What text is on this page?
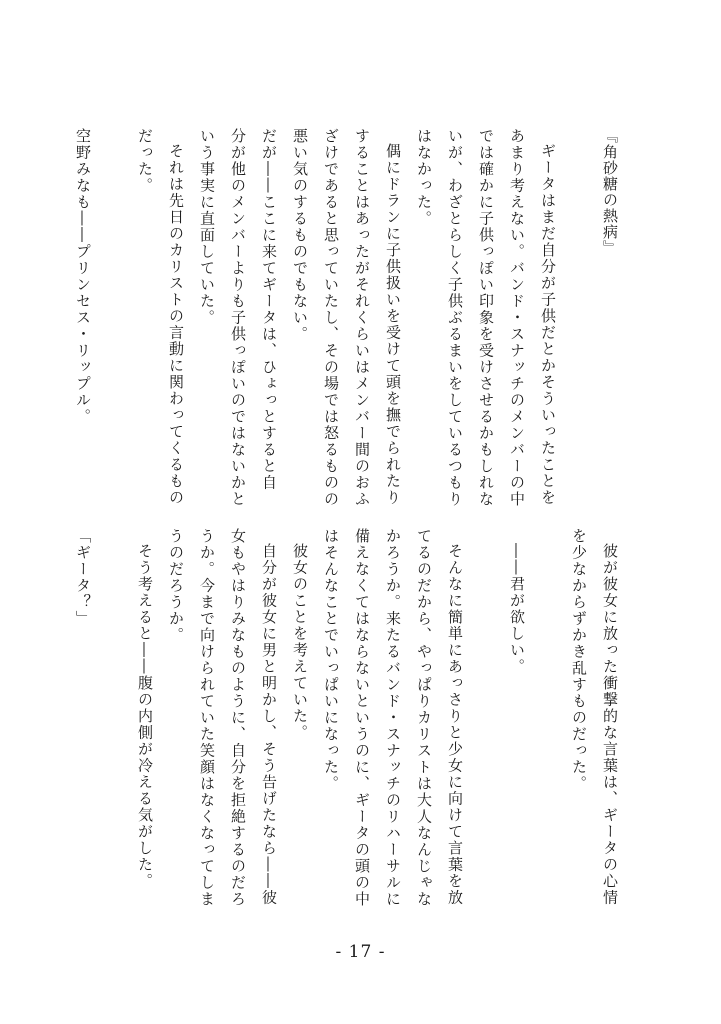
『角砂糖の熱病』

ギータはまだ自分が子供だとかそういったことを

あまり考えない。バンド・スナッチのメンバーの中

では確かに子供っぽい印象を受けさせるかもしれな

いが、わざとらしく子供ぶるまいをしているつもり

はなかった。

偶にドランに子供扱いを受けて頭を撫でられたり

することはあったがそれくらいはメンバー間のおふ

ざけであると思っていたし、その場では怒るものの

悪い気のするものでもない。

だが――ここに来てギータは、ひょっとすると自

分が他のメンバーよりも子供っぽいのではないかと

いう事実に直面していた。

それは先日のカリストの言動に関わってくるもの

だった。

空野みなも――プリンセス・リップル。

彼が彼女に放った衝撃的な言葉は、ギータの心情

を少なからずかき乱すものだった。

――君が欲しい。

そんなに簡単にあっさりと少女に向けて言葉を放

てるのだから、やっぱりカリストは大人なんじゃな

かろうか。来たるバンド・スナッチのリハーサルに

備えなくてはならないというのに、ギータの頭の中

はそんなことでいっぱいになった。

彼女のことを考えていた。

自分が彼女に男と明かし、そう告げたなら――彼

女もやはりみなものように、自分を拒絶するのだろ

うか。今まで向けられていた笑顔はなくなってしま

うのだろうか。

そう考えると――腹の内側が冷える気がした。

「ギータ？」

- 17 -
